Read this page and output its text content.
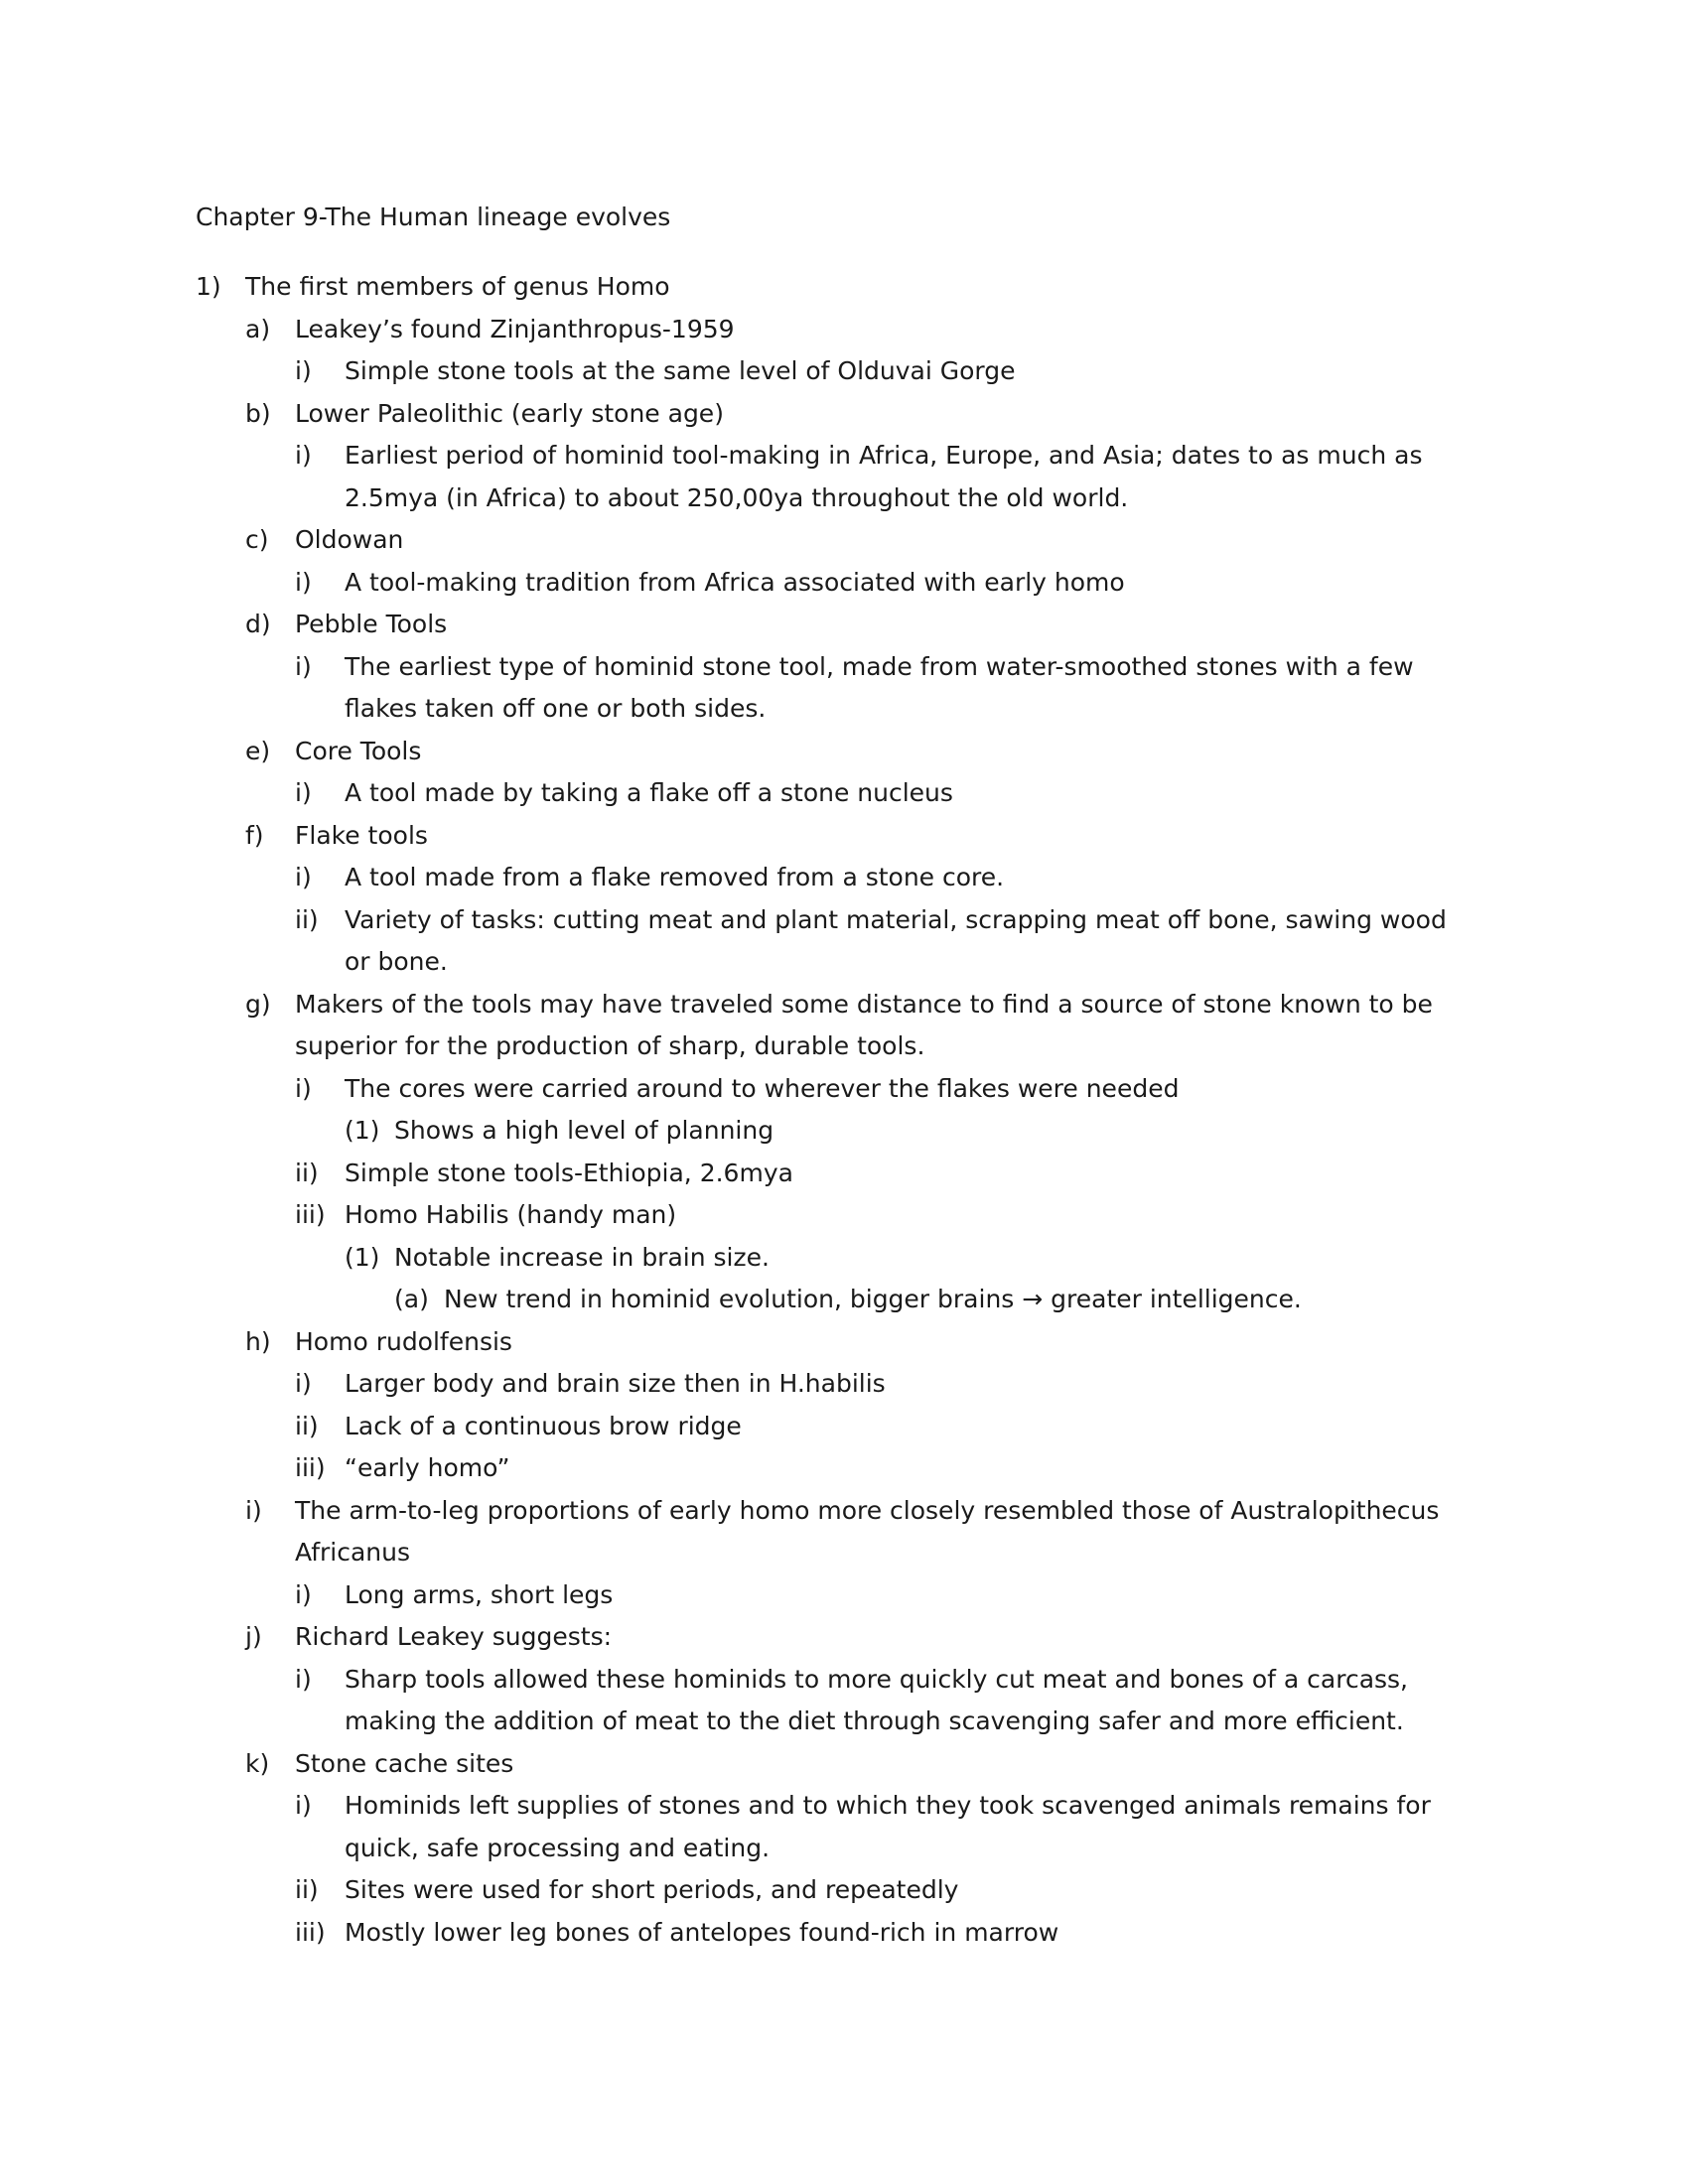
Chapter 9-The Human lineage evolves
1) The first members of genus Homo
a) Leakey’s found Zinjanthropus-1959
i) Simple stone tools at the same level of Olduvai Gorge
b) Lower Paleolithic (early stone age)
i) Earliest period of hominid tool-making in Africa, Europe, and Asia; dates to as much as 2.5mya (in Africa) to about 250,00ya throughout the old world.
c) Oldowan
i) A tool-making tradition from Africa associated with early homo
d) Pebble Tools
i) The earliest type of hominid stone tool, made from water-smoothed stones with a few flakes taken off one or both sides.
e) Core Tools
i) A tool made by taking a flake off a stone nucleus
f) Flake tools
i) A tool made from a flake removed from a stone core.
ii) Variety of tasks: cutting meat and plant material, scrapping meat off bone, sawing wood or bone.
g) Makers of the tools may have traveled some distance to find a source of stone known to be superior for the production of sharp, durable tools.
i) The cores were carried around to wherever the flakes were needed
(1) Shows a high level of planning
ii) Simple stone tools-Ethiopia, 2.6mya
iii) Homo Habilis (handy man)
(1) Notable increase in brain size.
(a) New trend in hominid evolution, bigger brains → greater intelligence.
h) Homo rudolfensis
i) Larger body and brain size then in H.habilis
ii) Lack of a continuous brow ridge
iii) “early homo”
i) The arm-to-leg proportions of early homo more closely resembled those of Australopithecus Africanus
i) Long arms, short legs
j) Richard Leakey suggests:
i) Sharp tools allowed these hominids to more quickly cut meat and bones of a carcass, making the addition of meat to the diet through scavenging safer and more efficient.
k) Stone cache sites
i) Hominids left supplies of stones and to which they took scavenged animals remains for quick, safe processing and eating.
ii) Sites were used for short periods, and repeatedly
iii) Mostly lower leg bones of antelopes found-rich in marrow
